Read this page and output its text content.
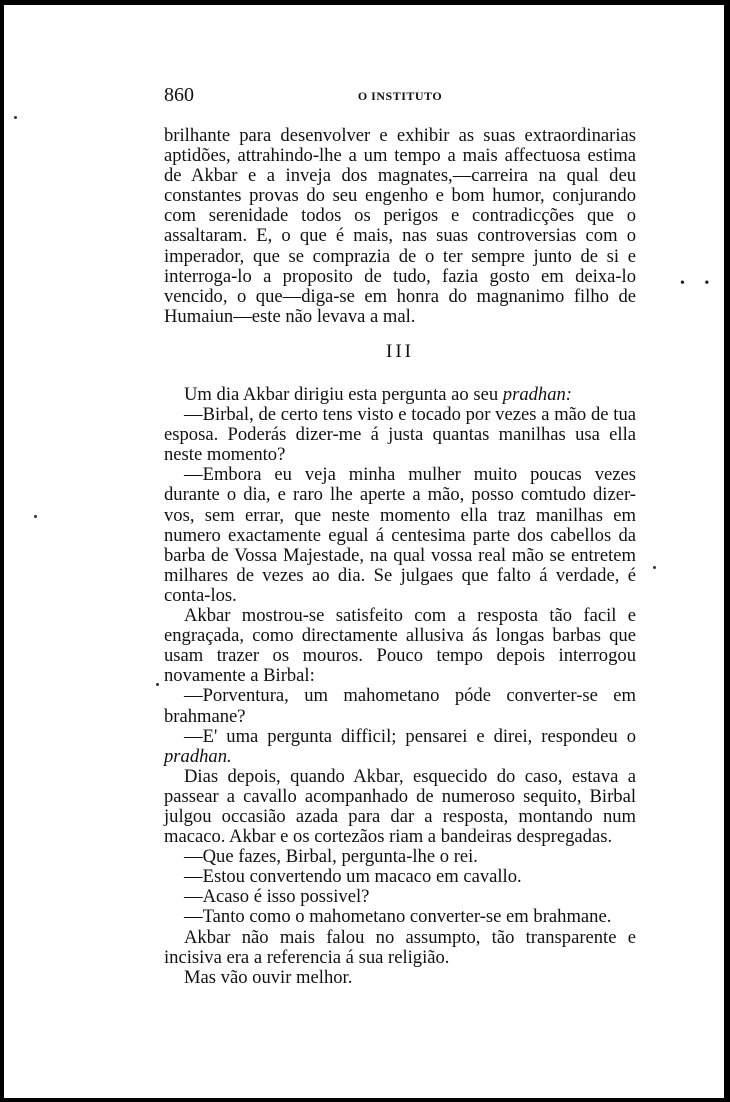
860	O INSTITUTO

brilhante para desenvolver e exhibir as suas extraordinarias aptidões, attrahindo-lhe a um tempo a mais affectuosa estima de Akbar e a inveja dos magnates,—carreira na qual deu constantes provas do seu engenho e bom humor, conjurando com serenidade todos os perigos e contradicções que o assaltaram. E, o que é mais, nas suas controversias com o imperador, que se comprazia de o ter sempre junto de si e interroga-lo a proposito de tudo, fazia gosto em deixa-lo vencido, o que—diga-se em honra do magnanimo filho de Humaiun—este não levava a mal.

• •
III

Um dia Akbar dirigiu esta pergunta ao seu pradhan:

—Birbal, de certo tens visto e tocado por vezes a mão de tua esposa. Poderás dizer-me á justa quantas manilhas usa ella neste momento?

—Embora eu veja minha mulher muito poucas vezes durante o dia, e raro lhe aperte a mão, posso comtudo dizer-vos, sem errar, que neste momento ella traz manilhas em numero exactamente egual á centesima parte dos cabellos da barba de Vossa Majestade, na qual vossa real mão se entretem milhares de vezes ao dia. Se julgaes que falto á verdade, é conta-los.

Akbar mostrou-se satisfeito com a resposta tão facil e engraçada, como directamente allusiva ás longas barbas que usam trazer os mouros. Pouco tempo depois interrogou novamente a Birbal:

—Porventura, um mahometano póde converter-se em brahmane?

—E' uma pergunta difficil; pensarei e direi, respondeu o pradhan.

Dias depois, quando Akbar, esquecido do caso, estava a passear a cavallo acompanhado de numeroso sequito, Birbal julgou occasião azada para dar a resposta, montando num macaco. Akbar e os cortezãos riam a bandeiras despregadas.

—Que fazes, Birbal, pergunta-lhe o rei.

—Estou convertendo um macaco em cavallo.

—Acaso é isso possivel?

—Tanto como o mahometano converter-se em brahmane.

Akbar não mais falou no assumpto, tão transparente e incisiva era a referencia á sua religião.

Mas vão ouvir melhor.
